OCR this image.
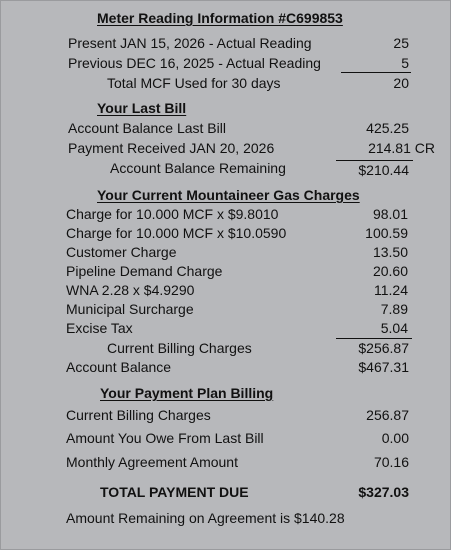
Meter Reading Information #C699853
Present JAN 15, 2026 - Actual Reading	25
Previous DEC 16, 2025 - Actual Reading	5
Total MCF Used for 30 days	20
Your Last Bill
Account Balance Last Bill	425.25
Payment Received JAN 20, 2026	214.81 CR
Account Balance Remaining	$210.44
Your Current Mountaineer Gas Charges
Charge for 10.000 MCF x $9.8010	98.01
Charge for 10.000 MCF x $10.0590	100.59
Customer Charge	13.50
Pipeline Demand Charge	20.60
WNA 2.28 x $4.9290	11.24
Municipal Surcharge	7.89
Excise Tax	5.04
Current Billing Charges	$256.87
Account Balance	$467.31
Your Payment Plan Billing
Current Billing Charges	256.87
Amount You Owe From Last Bill	0.00
Monthly Agreement Amount	70.16
TOTAL PAYMENT DUE	$327.03
Amount Remaining on Agreement is $140.28
